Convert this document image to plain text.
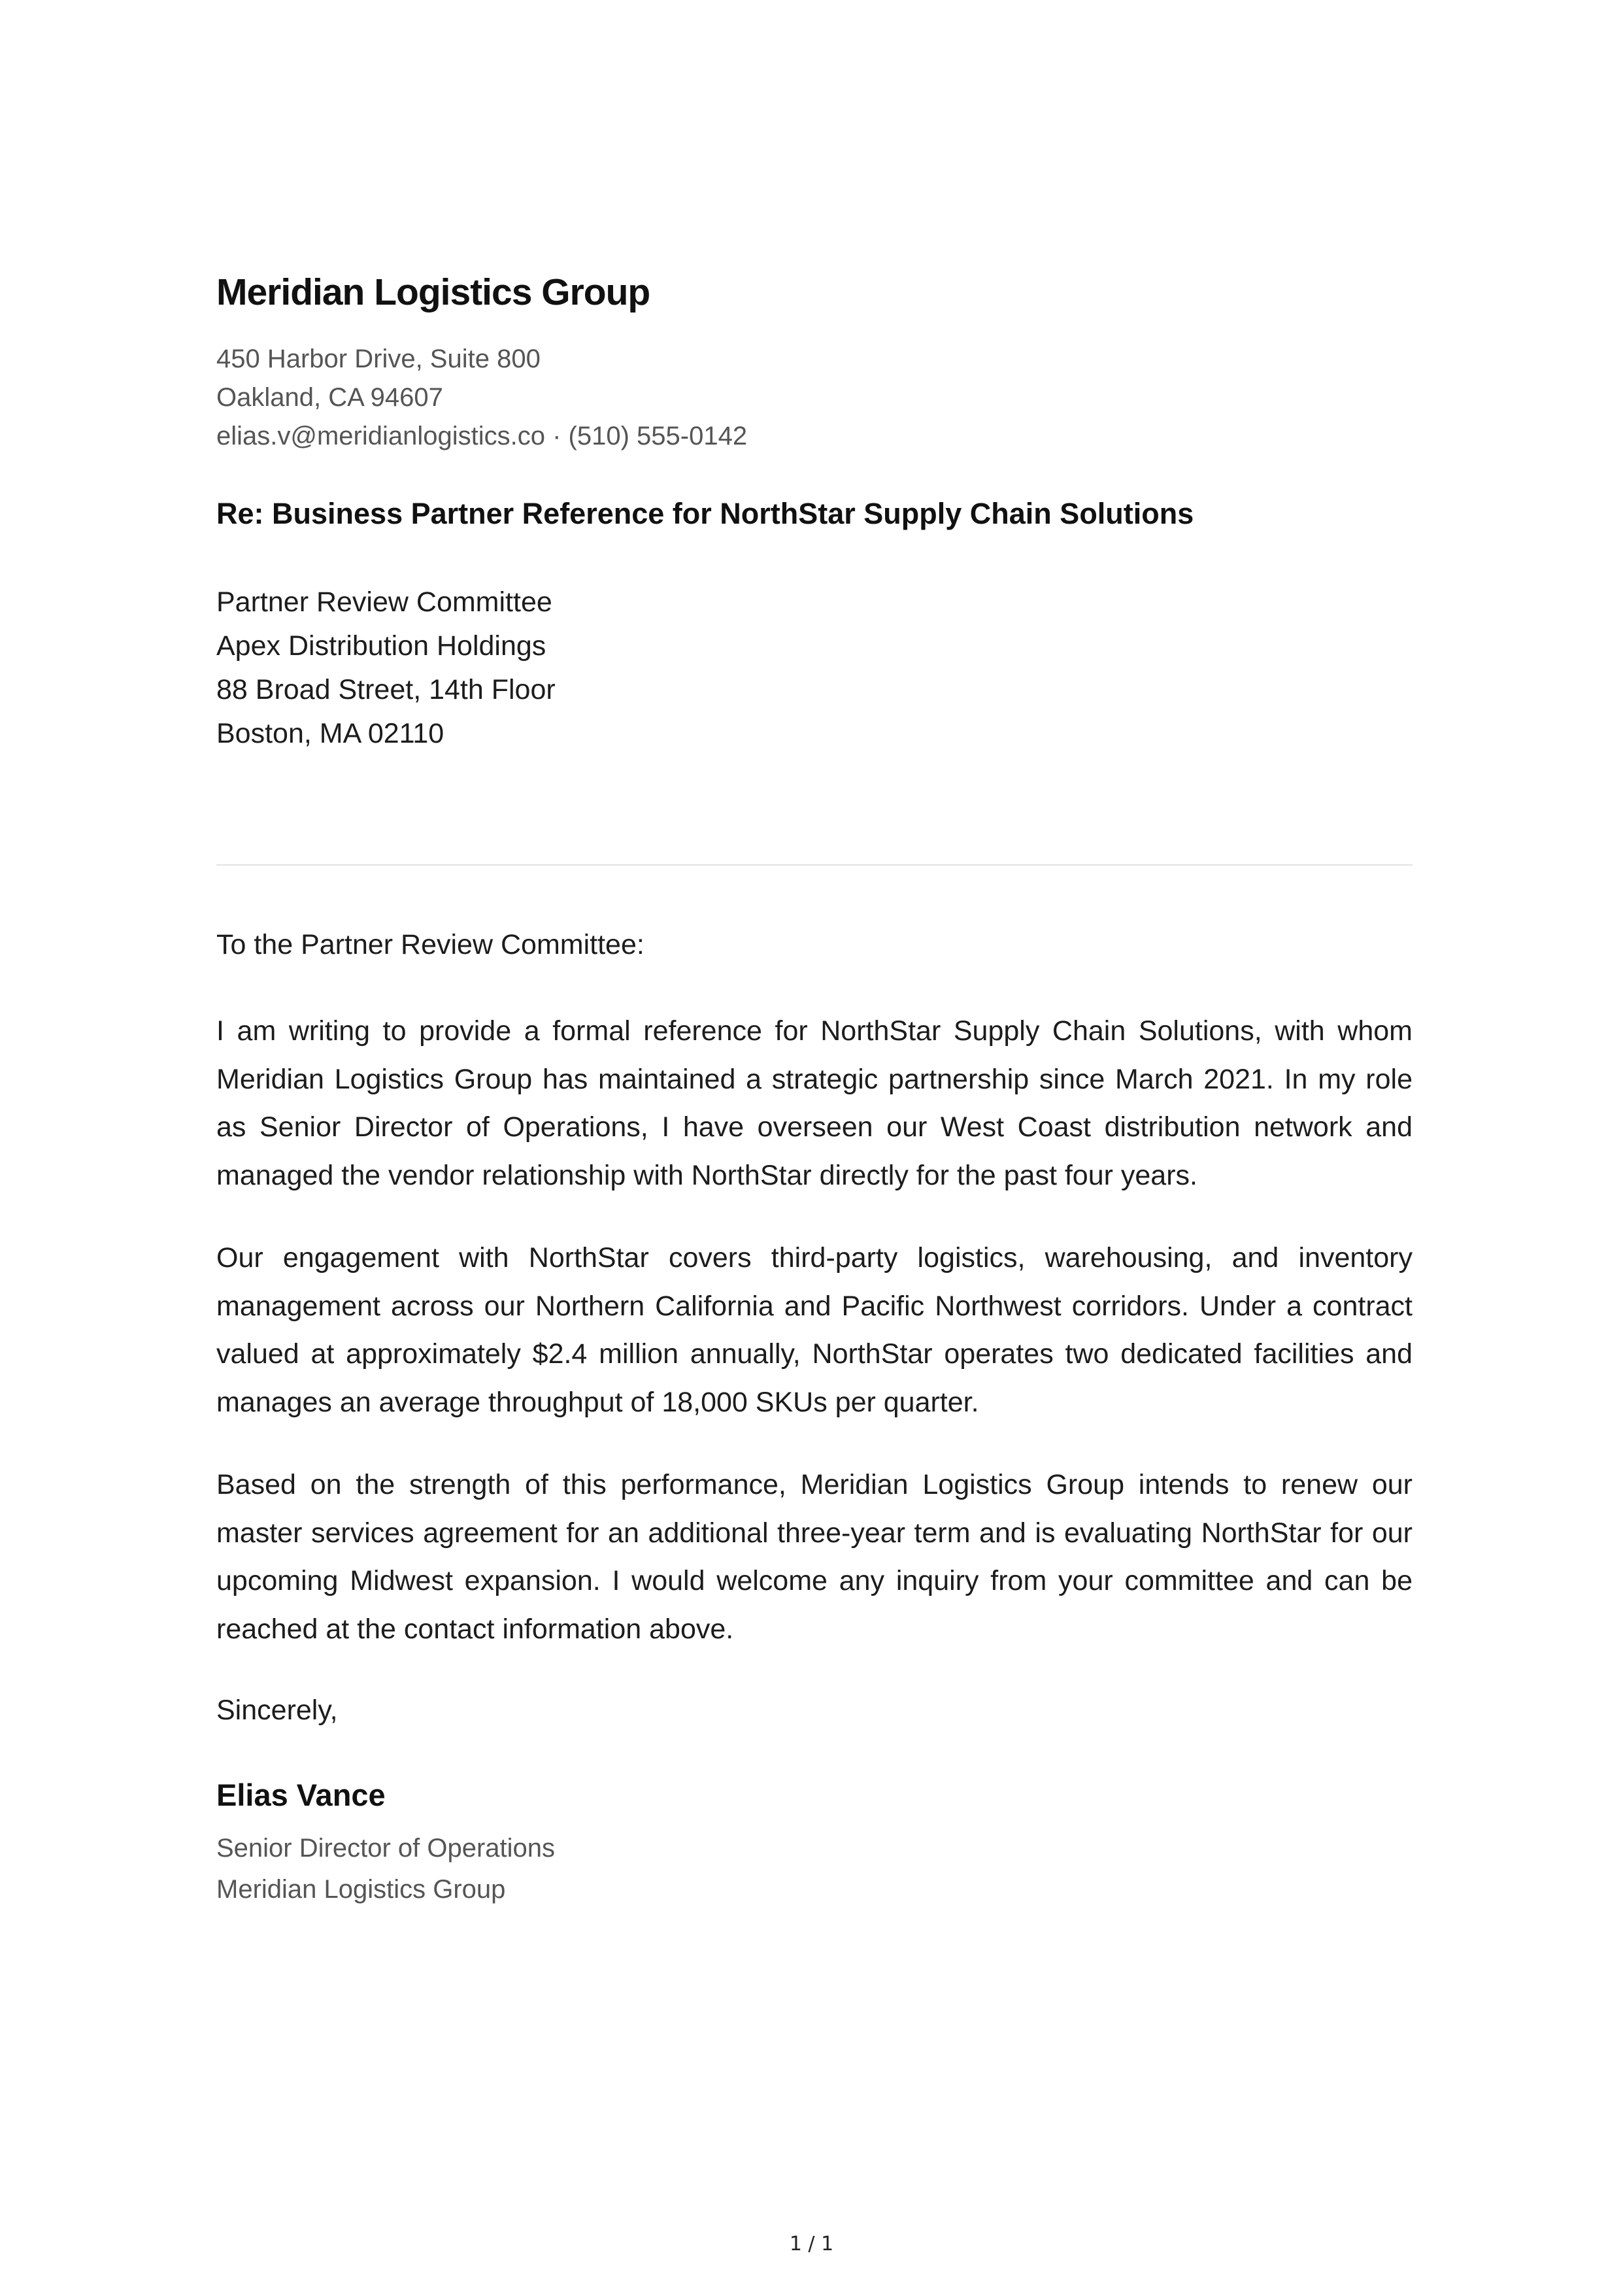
Meridian Logistics Group
450 Harbor Drive, Suite 800
Oakland, CA 94607
elias.v@meridianlogistics.co · (510) 555-0142
Re: Business Partner Reference for NorthStar Supply Chain Solutions
Partner Review Committee
Apex Distribution Holdings
88 Broad Street, 14th Floor
Boston, MA 02110
To the Partner Review Committee:
I am writing to provide a formal reference for NorthStar Supply Chain Solutions, with whom Meridian Logistics Group has maintained a strategic partnership since March 2021. In my role as Senior Director of Operations, I have overseen our West Coast distribution network and managed the vendor relationship with NorthStar directly for the past four years.
Our engagement with NorthStar covers third-party logistics, warehousing, and inventory management across our Northern California and Pacific Northwest corridors. Under a contract valued at approximately $2.4 million annually, NorthStar operates two dedicated facilities and manages an average throughput of 18,000 SKUs per quarter.
Based on the strength of this performance, Meridian Logistics Group intends to renew our master services agreement for an additional three-year term and is evaluating NorthStar for our upcoming Midwest expansion. I would welcome any inquiry from your committee and can be reached at the contact information above.
Sincerely,
Elias Vance
Senior Director of Operations
Meridian Logistics Group
1 / 1
